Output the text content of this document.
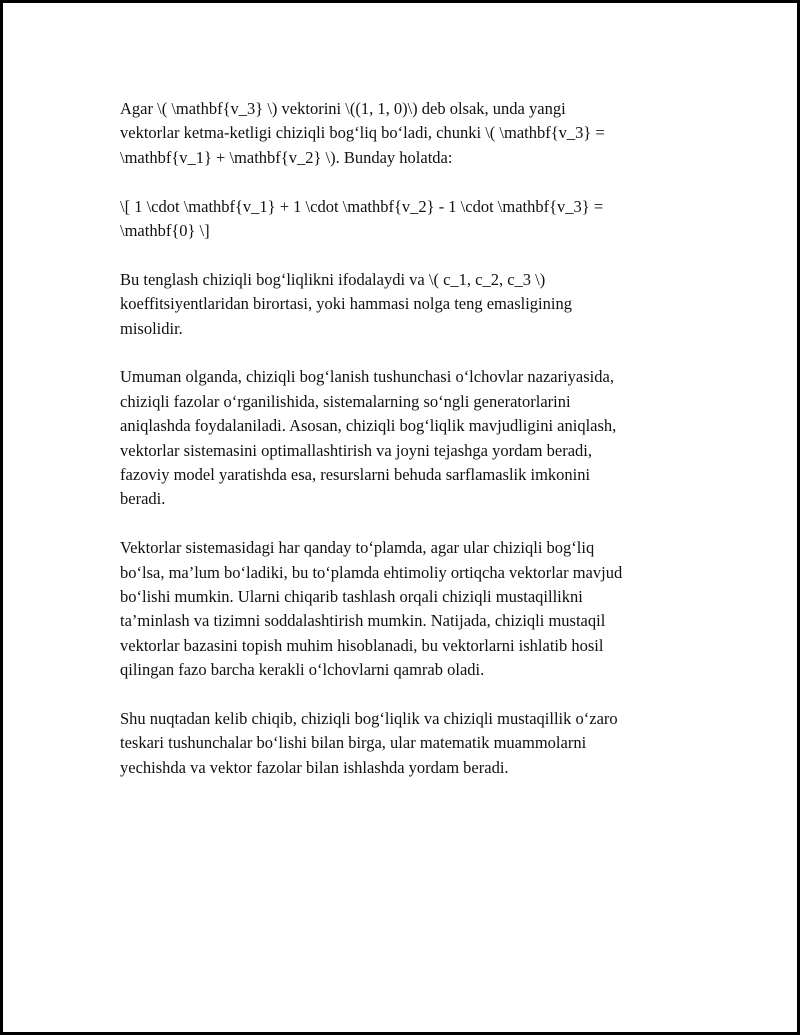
Agar \( \mathbf{v_3} \) vektorini \((1, 1, 0)\) deb olsak, unda yangi
vektorlar ketma-ketligi chiziqli bog‘liq bo‘ladi, chunki \( \mathbf{v_3} =
\mathbf{v_1} + \mathbf{v_2} \). Bunday holatda:

\[ 1 \cdot \mathbf{v_1} + 1 \cdot \mathbf{v_2} - 1 \cdot \mathbf{v_3} =
\mathbf{0} \]

Bu tenglash chiziqli bog‘liqlikni ifodalaydi va \( c_1, c_2, c_3 \)
koeffitsiyentlaridan birortasi, yoki hammasi nolga teng emasligining
misolidir.

Umuman olganda, chiziqli bog‘lanish tushunchasi o‘lchovlar nazariyasida,
chiziqli fazolar o‘rganilishida, sistemalarning so‘ngli generatorlarini
aniqlashda foydalaniladi. Asosan, chiziqli bog‘liqlik mavjudligini aniqlash,
vektorlar sistemasini optimallashtirish va joyni tejashga yordam beradi,
fazoviy model yaratishda esa, resurslarni behuda sarflamaslik imkonini
beradi.

Vektorlar sistemasidagi har qanday to‘plamda, agar ular chiziqli bog‘liq
bo‘lsa, ma’lum bo‘ladiki, bu to‘plamda ehtimoliy ortiqcha vektorlar mavjud
bo‘lishi mumkin. Ularni chiqarib tashlash orqali chiziqli mustaqillikni
ta’minlash va tizimni soddalashtirish mumkin. Natijada, chiziqli mustaqil
vektorlar bazasini topish muhim hisoblanadi, bu vektorlarni ishlatib hosil
qilingan fazo barcha kerakli o‘lchovlarni qamrab oladi.

Shu nuqtadan kelib chiqib, chiziqli bog‘liqlik va chiziqli mustaqillik o‘zaro
teskari tushunchalar bo‘lishi bilan birga, ular matematik muammolarni
yechishda va vektor fazolar bilan ishlashda yordam beradi.
